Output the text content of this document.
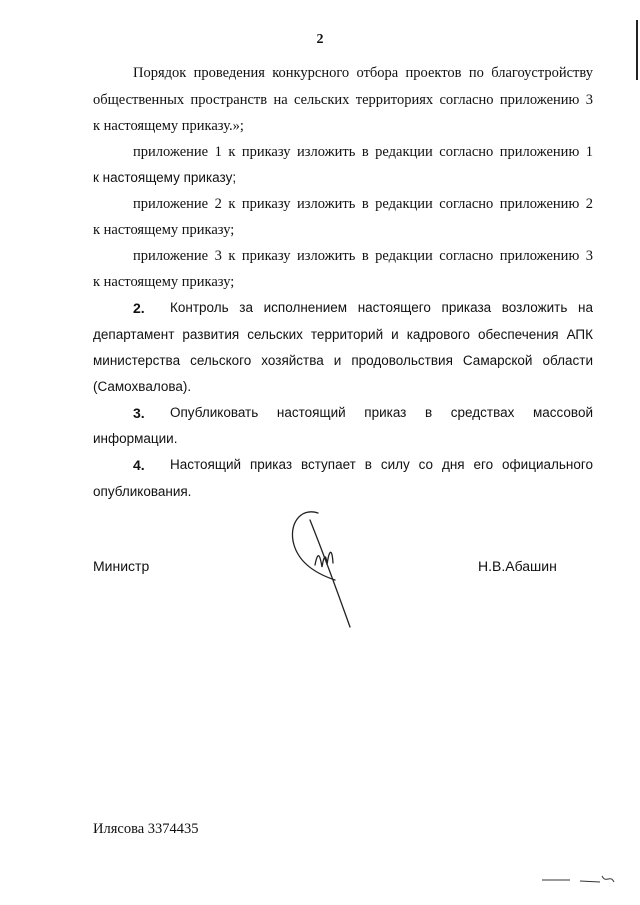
2
Порядок проведения конкурсного отбора проектов по благоустройству
общественных пространств на сельских территориях согласно приложению 3
к настоящему приказу.»;
приложение 1 к приказу изложить в редакции согласно приложению 1
к настоящему приказу;
приложение 2 к приказу изложить в редакции согласно приложению 2
к настоящему приказу;
приложение 3 к приказу изложить в редакции согласно приложению 3
к настоящему приказу;
2. Контроль за исполнением настоящего приказа возложить на
департамент развития сельских территорий и кадрового обеспечения АПК
министерства сельского хозяйства и продовольствия Самарской области
(Самохвалова).
3. Опубликовать настоящий приказ в средствах массовой
информации.
4. Настоящий приказ вступает в силу со дня его официального
опубликования.
Министр	Н.В.Абашин
Илясова 3374435
